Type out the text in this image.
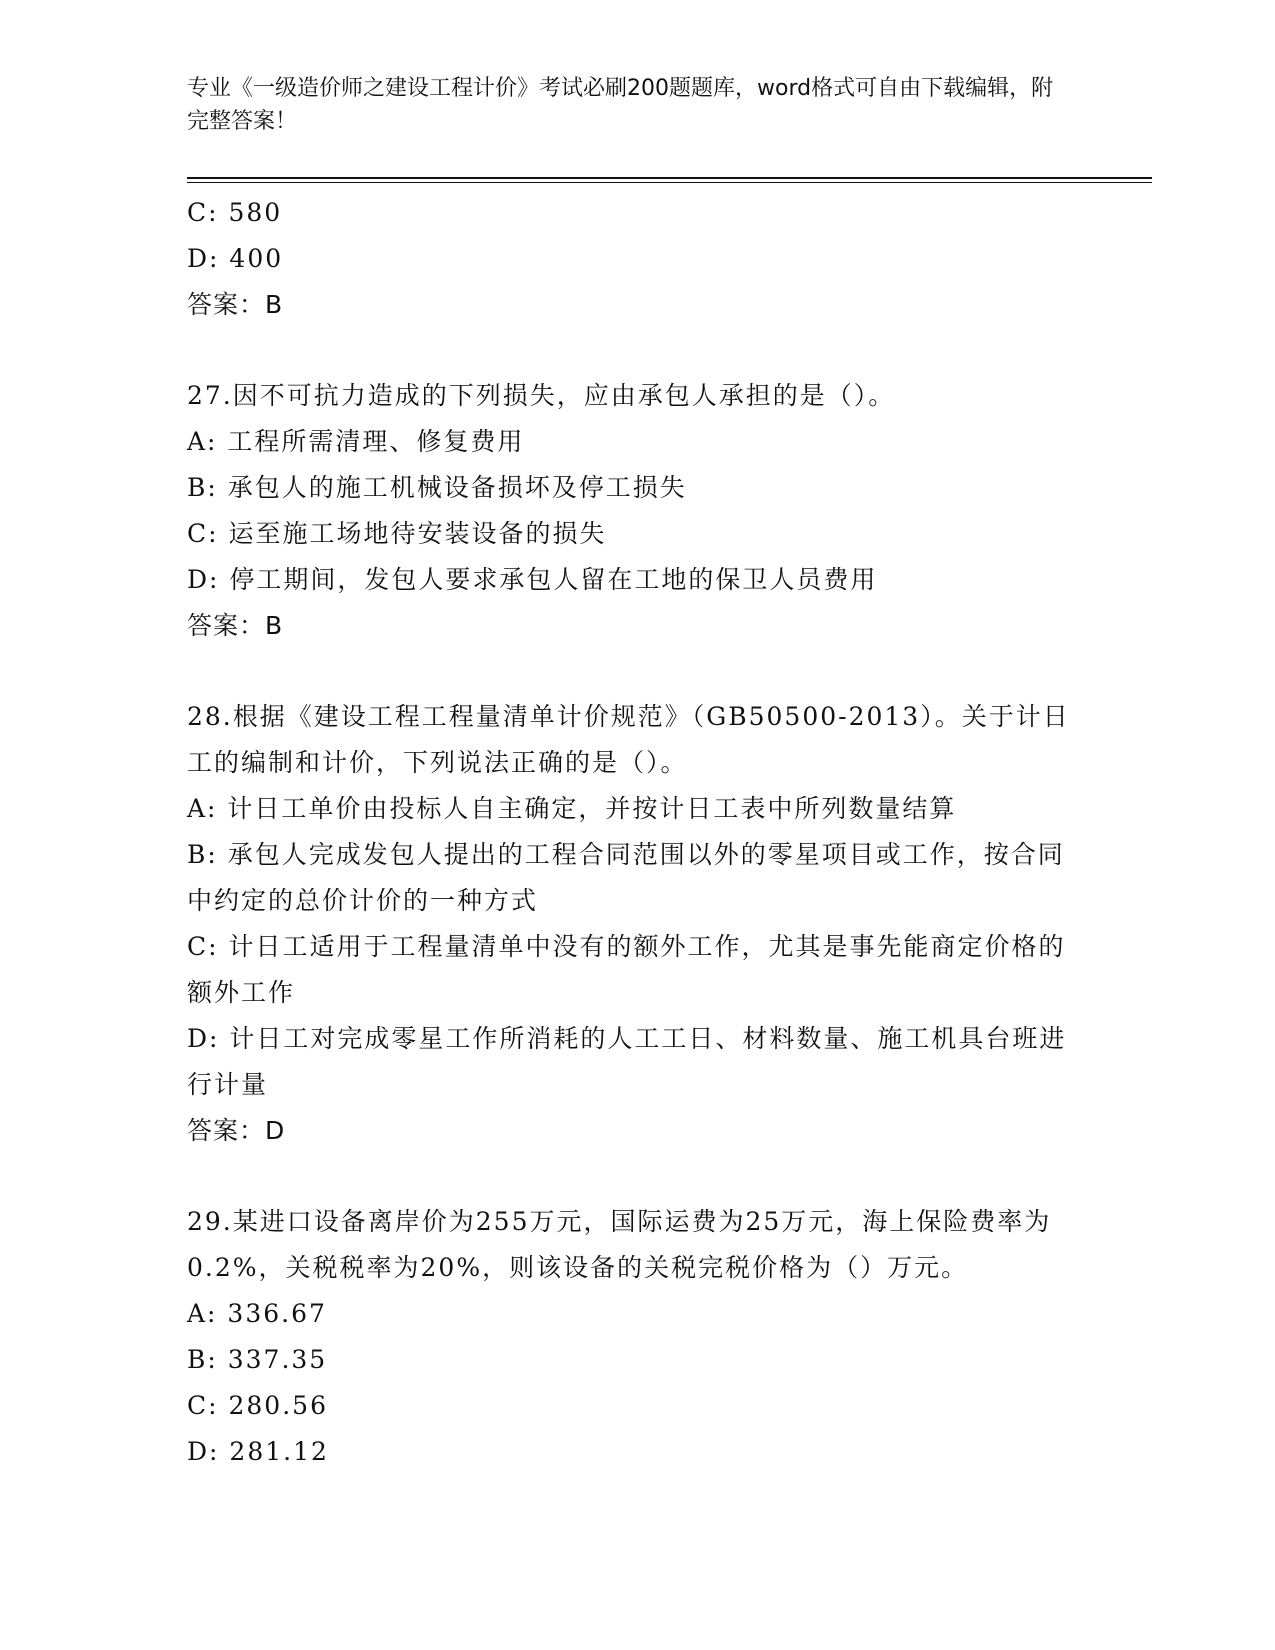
专业《一级造价师之建设工程计价》考试必刷200题题库，word格式可自由下载编辑，附完整答案！
C: 580
D: 400
答案：B
27.因不可抗力造成的下列损失，应由承包人承担的是（）。
A: 工程所需清理、修复费用
B: 承包人的施工机械设备损坏及停工损失
C: 运至施工场地待安装设备的损失
D: 停工期间，发包人要求承包人留在工地的保卫人员费用
答案：B
28.根据《建设工程工程量清单计价规范》（GB50500-2013）。关于计日工的编制和计价，下列说法正确的是（）。
A: 计日工单价由投标人自主确定，并按计日工表中所列数量结算
B: 承包人完成发包人提出的工程合同范围以外的零星项目或工作，按合同中约定的总价计价的一种方式
C: 计日工适用于工程量清单中没有的额外工作，尤其是事先能商定价格的额外工作
D: 计日工对完成零星工作所消耗的人工工日、材料数量、施工机具台班进行计量
答案：D
29.某进口设备离岸价为255万元，国际运费为25万元，海上保险费率为0.2%，关税税率为20%，则该设备的关税完税价格为（）万元。
A: 336.67
B: 337.35
C: 280.56
D: 281.12
